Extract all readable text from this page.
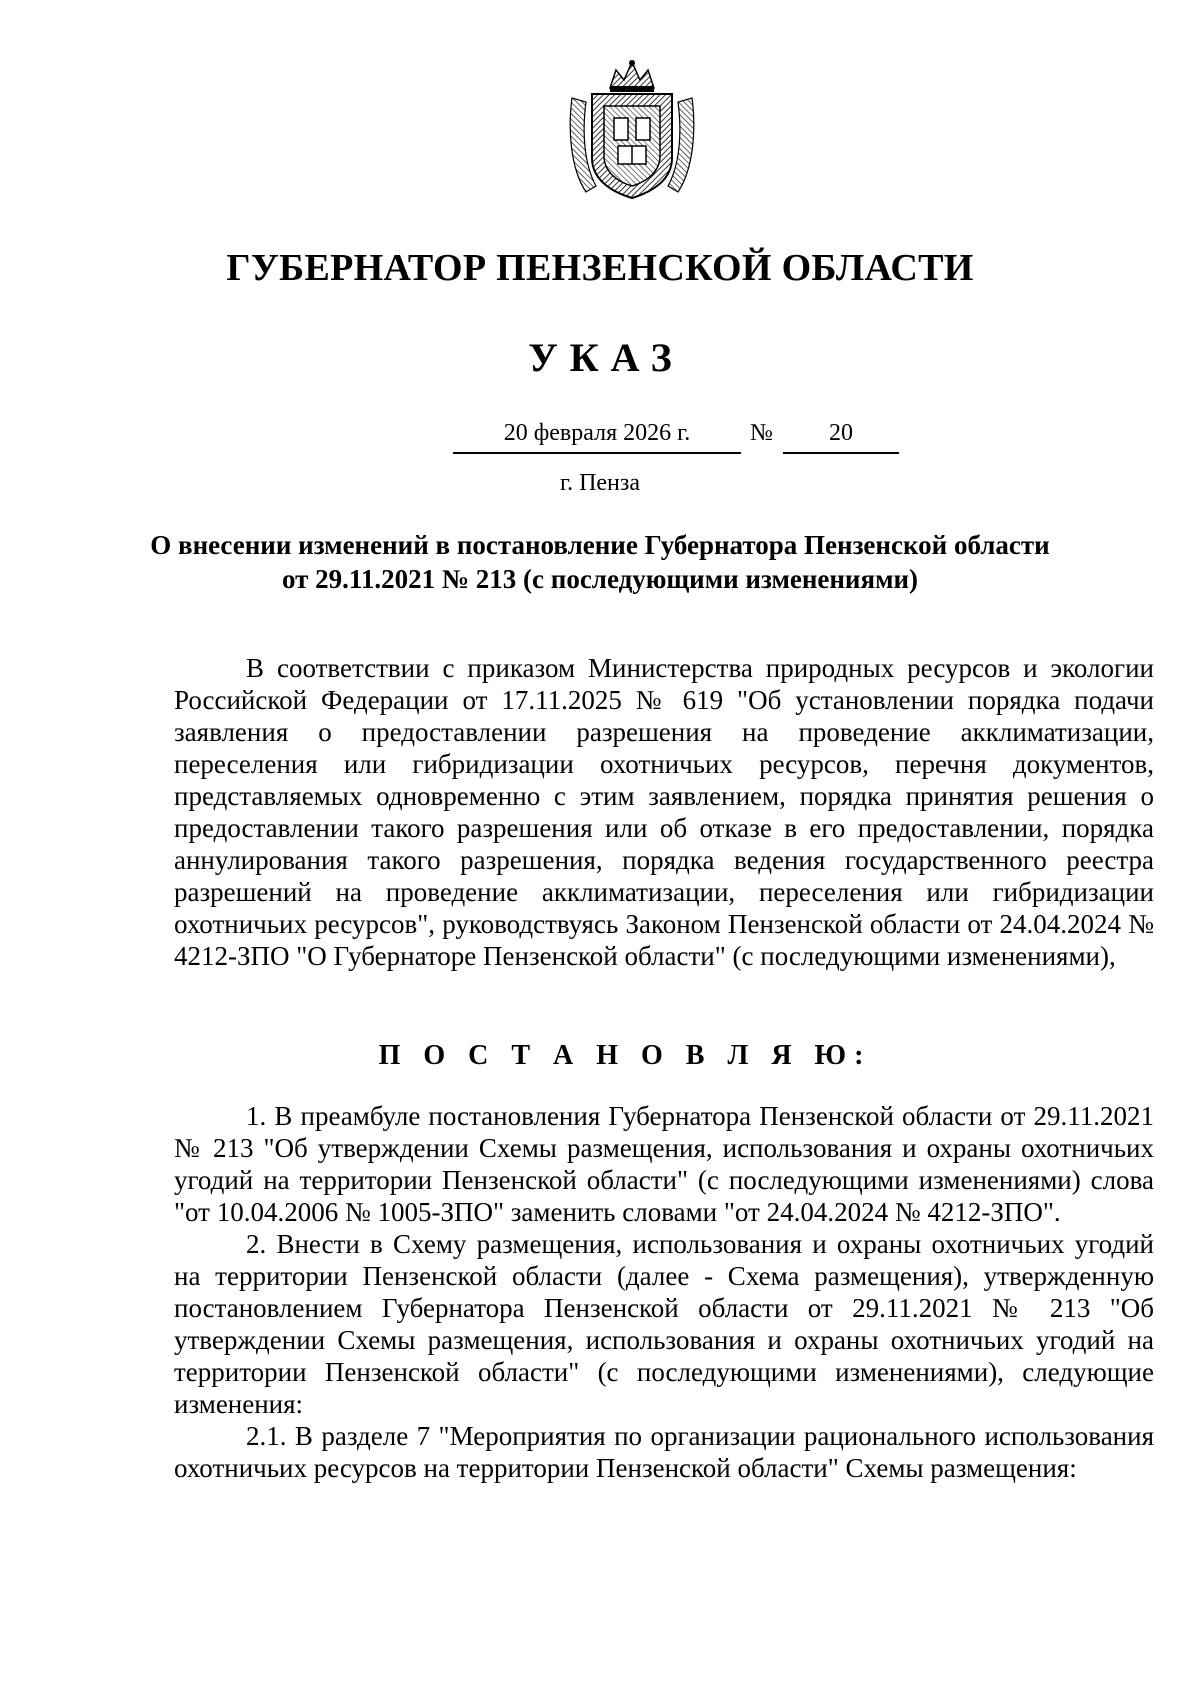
ГУБЕРНАТОР ПЕНЗЕНСКОЙ ОБЛАСТИ
УКАЗ
20 февраля 2026 г.	№	20
г. Пенза
О внесении изменений в постановление Губернатора Пензенской области
от 29.11.2021 № 213 (с последующими изменениями)

В соответствии с приказом Министерства природных ресурсов и экологии Российской Федерации от 17.11.2025 № 619 "Об установлении порядка подачи заявления о предоставлении разрешения на проведение акклиматизации, переселения или гибридизации охотничьих ресурсов, перечня документов, представляемых одновременно с этим заявлением, порядка принятия решения о предоставлении такого разрешения или об отказе в его предоставлении, порядка аннулирования такого разрешения, порядка ведения государственного реестра разрешений на проведение акклиматизации, переселения или гибридизации охотничьих ресурсов", руководствуясь Законом Пензенской области от 24.04.2024 № 4212-ЗПО "О Губернаторе Пензенской области" (с последующими изменениями),

П О С Т А Н О В Л Я Ю:

1. В преамбуле постановления Губернатора Пензенской области от 29.11.2021 № 213 "Об утверждении Схемы размещения, использования и охраны охотничьих угодий на территории Пензенской области" (с последующими изменениями) слова "от 10.04.2006 № 1005-ЗПО" заменить словами "от 24.04.2024 № 4212-ЗПО".

2. Внести в Схему размещения, использования и охраны охотничьих угодий на территории Пензенской области (далее - Схема размещения), утвержденную постановлением Губернатора Пензенской области от 29.11.2021 № 213 "Об утверждении Схемы размещения, использования и охраны охотничьих угодий на территории Пензенской области" (с последующими изменениями), следующие изменения:

2.1. В разделе 7 "Мероприятия по организации рационального использования охотничьих ресурсов на территории Пензенской области" Схемы размещения:
